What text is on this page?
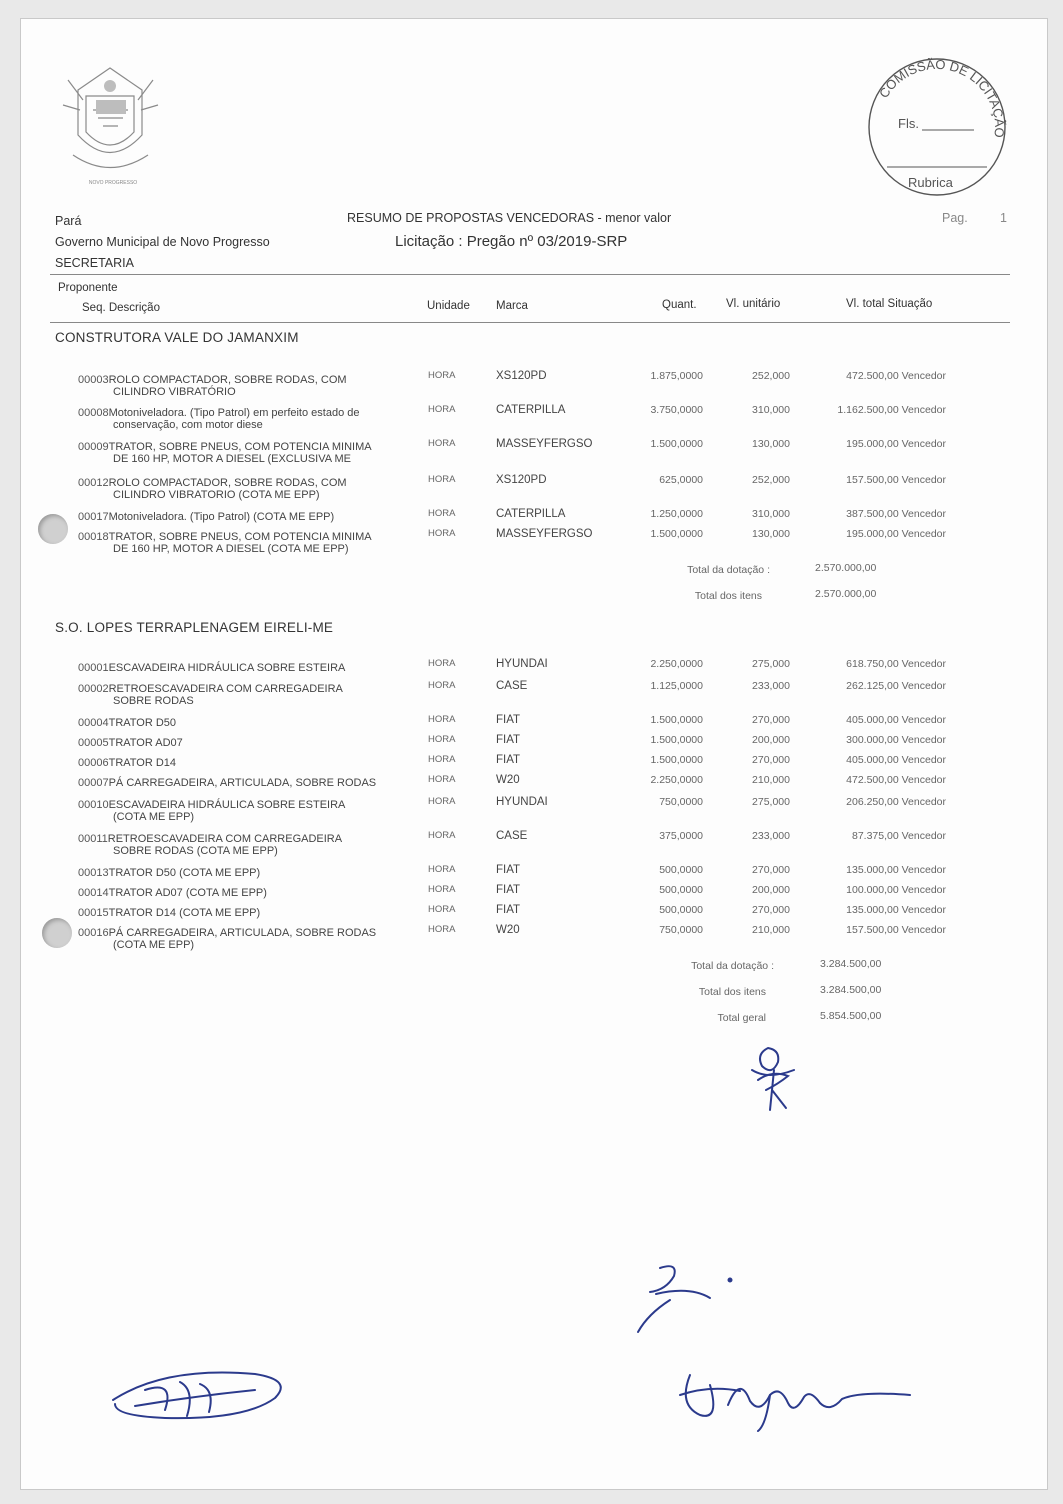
NOVO PROGRESSO
COMISSÃO DE LICITAÇÃO
Fls.
Rubrica
Pará
Governo Municipal de Novo Progresso
SECRETARIA
RESUMO DE PROPOSTAS VENCEDORAS - menor valor
Licitação : Pregão nº 03/2019-SRP
Pag.	1
Proponente
Seq. Descrição	Unidade Marca	Quant.	Vl. unitário	Vl. total Situação
CONSTRUTORA VALE DO JAMANXIM
00003ROLO COMPACTADOR, SOBRE RODAS, COM
CILINDRO VIBRATÓRIO
HORA	XS120PD	1.875,0000	252,000	472.500,00 Vencedor
00008Motoniveladora. (Tipo Patrol) em perfeito estado de
conservação, com motor diese
HORA	CATERPILLA	3.750,0000	310,000	1.162.500,00 Vencedor
00009TRATOR, SOBRE PNEUS, COM POTENCIA MINIMA
DE 160 HP, MOTOR A DIESEL (EXCLUSIVA ME
HORA	MASSEYFERGSO	1.500,0000	130,000	195.000,00 Vencedor
00012ROLO COMPACTADOR, SOBRE RODAS, COM
CILINDRO VIBRATORIO (COTA ME EPP)
HORA	XS120PD	625,0000	252,000	157.500,00 Vencedor
00017Motoniveladora. (Tipo Patrol) (COTA ME EPP)	HORA	CATERPILLA	1.250,0000	310,000	387.500,00 Vencedor
00018TRATOR, SOBRE PNEUS, COM POTENCIA MINIMA
DE 160 HP, MOTOR A DIESEL (COTA ME EPP)
HORA	MASSEYFERGSO	1.500,0000	130,000	195.000,00 Vencedor
Total da dotação :	2.570.000,00
Total dos itens	2.570.000,00
S.O. LOPES TERRAPLENAGEM EIRELI-ME
00001ESCAVADEIRA HIDRÁULICA SOBRE ESTEIRA	HORA	HYUNDAI	2.250,0000	275,000	618.750,00 Vencedor
00002RETROESCAVADEIRA COM CARREGADEIRA
SOBRE RODAS
HORA	CASE	1.125,0000	233,000	262.125,00 Vencedor
00004TRATOR D50	HORA	FIAT	1.500,0000	270,000	405.000,00 Vencedor
00005TRATOR AD07	HORA	FIAT	1.500,0000	200,000	300.000,00 Vencedor
00006TRATOR D14	HORA	FIAT	1.500,0000	270,000	405.000,00 Vencedor
00007PÁ CARREGADEIRA, ARTICULADA, SOBRE RODAS	HORA	W20	2.250,0000	210,000	472.500,00 Vencedor
00010ESCAVADEIRA HIDRÁULICA SOBRE ESTEIRA
(COTA ME EPP)
HORA	HYUNDAI	750,0000	275,000	206.250,00 Vencedor
00011RETROESCAVADEIRA COM CARREGADEIRA
SOBRE RODAS (COTA ME EPP)
HORA	CASE	375,0000	233,000	87.375,00 Vencedor
00013TRATOR D50 (COTA ME EPP)	HORA	FIAT	500,0000	270,000	135.000,00 Vencedor
00014TRATOR AD07 (COTA ME EPP)	HORA	FIAT	500,0000	200,000	100.000,00 Vencedor
00015TRATOR D14 (COTA ME EPP)	HORA	FIAT	500,0000	270,000	135.000,00 Vencedor
00016PÁ CARREGADEIRA, ARTICULADA, SOBRE RODAS
(COTA ME EPP)
HORA	W20	750,0000	210,000	157.500,00 Vencedor
Total da dotação :	3.284.500,00
Total dos itens	3.284.500,00
Total geral	5.854.500,00
